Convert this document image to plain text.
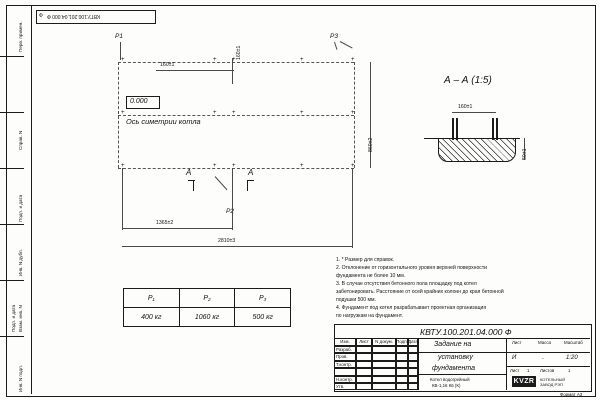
Перв. примен.
Справ. N
Подп. и дата
Инв. N дубл.
Взам. инв. N
Подп. и дата
Инв. N подл.
Ф КВТУ.100.201.04.000 Ф
+
+
+
+
+
+
+
+
+
+
+
+
+
+
+
Р1	Р3
Р2
0.000
Ось симетрии котла
А	А
160±1
160±1
860±2
1365±2
2810±3
А – А (1:5)
160±1
50±1
1. * Размер для справок.
2. Отклонение от горизонтального уровня верхней поверхности
фундамента не более 10 мм.
3. В случае отсутствия бетонного пола площадку под котел
забетонировать. Расстояние от осей крайних колонн до края бетонной
подушки 500 мм.
4. Фундамент под котел разрабатывает проектная организация
по нагрузкам на фундамент.
Р₁	Р₂	Р₃
400 кг	1060 кг	500 кг
КВТУ.100.201.04.000 Ф
Задание на
установку
фундамента
Котел водогрейный
КВ-1,16 К6 (К)
Лист	Масса	Масштаб
И	-	1:20
Лист 1 Листов	1
KVZR	КОТЕЛЬНЫЙ
ЗАВОД РЭП
Изм.	Лист	N докум. Подп. Дата
Разраб.
Пров.
Т.контр.
Н.контр.
Утв.
Формат А3
